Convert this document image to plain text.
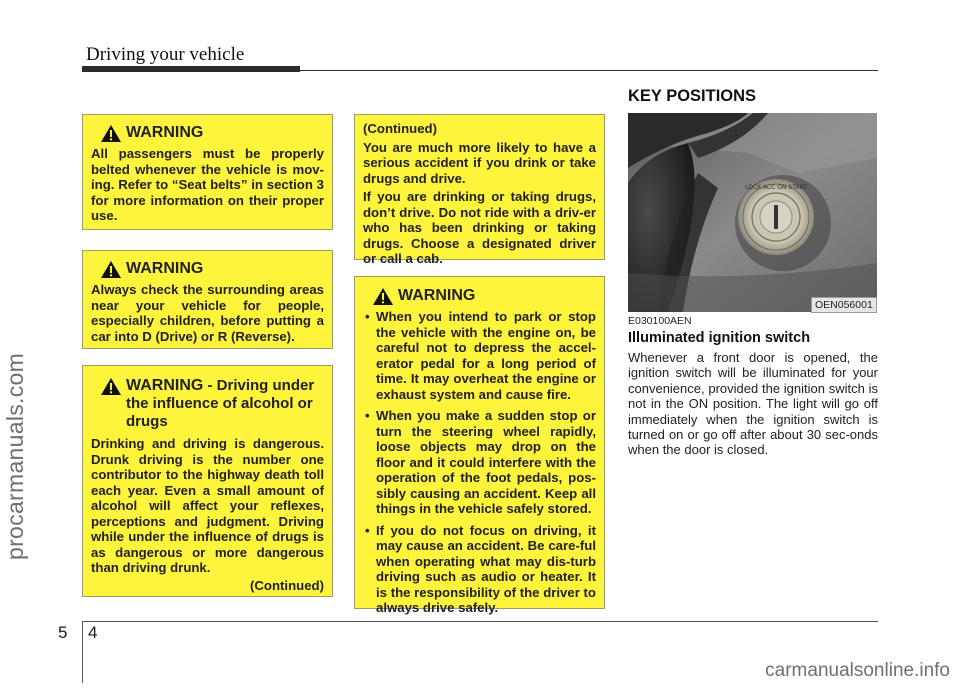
Driving your vehicle
procarmanuals.com
WARNING
All passengers must be properly belted whenever the vehicle is mov-ing. Refer to “Seat belts” in section 3 for more information on their proper use.
WARNING
Always check the surrounding areas near your vehicle for people, especially children, before putting a car into D (Drive) or R (Reverse).
WARNING - Driving under the influence of alcohol or drugs
Drinking and driving is dangerous. Drunk driving is the number one contributor to the highway death toll each year. Even a small amount of alcohol will affect your reflexes, perceptions and judgment. Driving while under the influence of drugs is as dangerous or more dangerous than driving drunk.
(Continued)
(Continued)
You are much more likely to have a serious accident if you drink or take drugs and drive.
If you are drinking or taking drugs, don’t drive. Do not ride with a driv-er who has been drinking or taking drugs. Choose a designated driver or call a cab.
WARNING
• When you intend to park or stop the vehicle with the engine on, be careful not to depress the accel-erator pedal for a long period of time. It may overheat the engine or exhaust system and cause fire.
• When you make a sudden stop or turn the steering wheel rapidly, loose objects may drop on the floor and it could interfere with the operation of the foot pedals, pos-sibly causing an accident. Keep all things in the vehicle safely stored.
• If you do not focus on driving, it may cause an accident. Be care-ful when operating what may dis-turb driving such as audio or heater. It is the responsibility of the driver to always drive safely.
KEY POSITIONS
LOCK ACC ON START
OEN056001
E030100AEN
Illuminated ignition switch
Whenever a front door is opened, the ignition switch will be illuminated for your convenience, provided the ignition switch is not in the ON position. The light will go off immediately when the ignition switch is turned on or go off after about 30 sec-onds when the door is closed.
5 4
carmanualsonline.info
